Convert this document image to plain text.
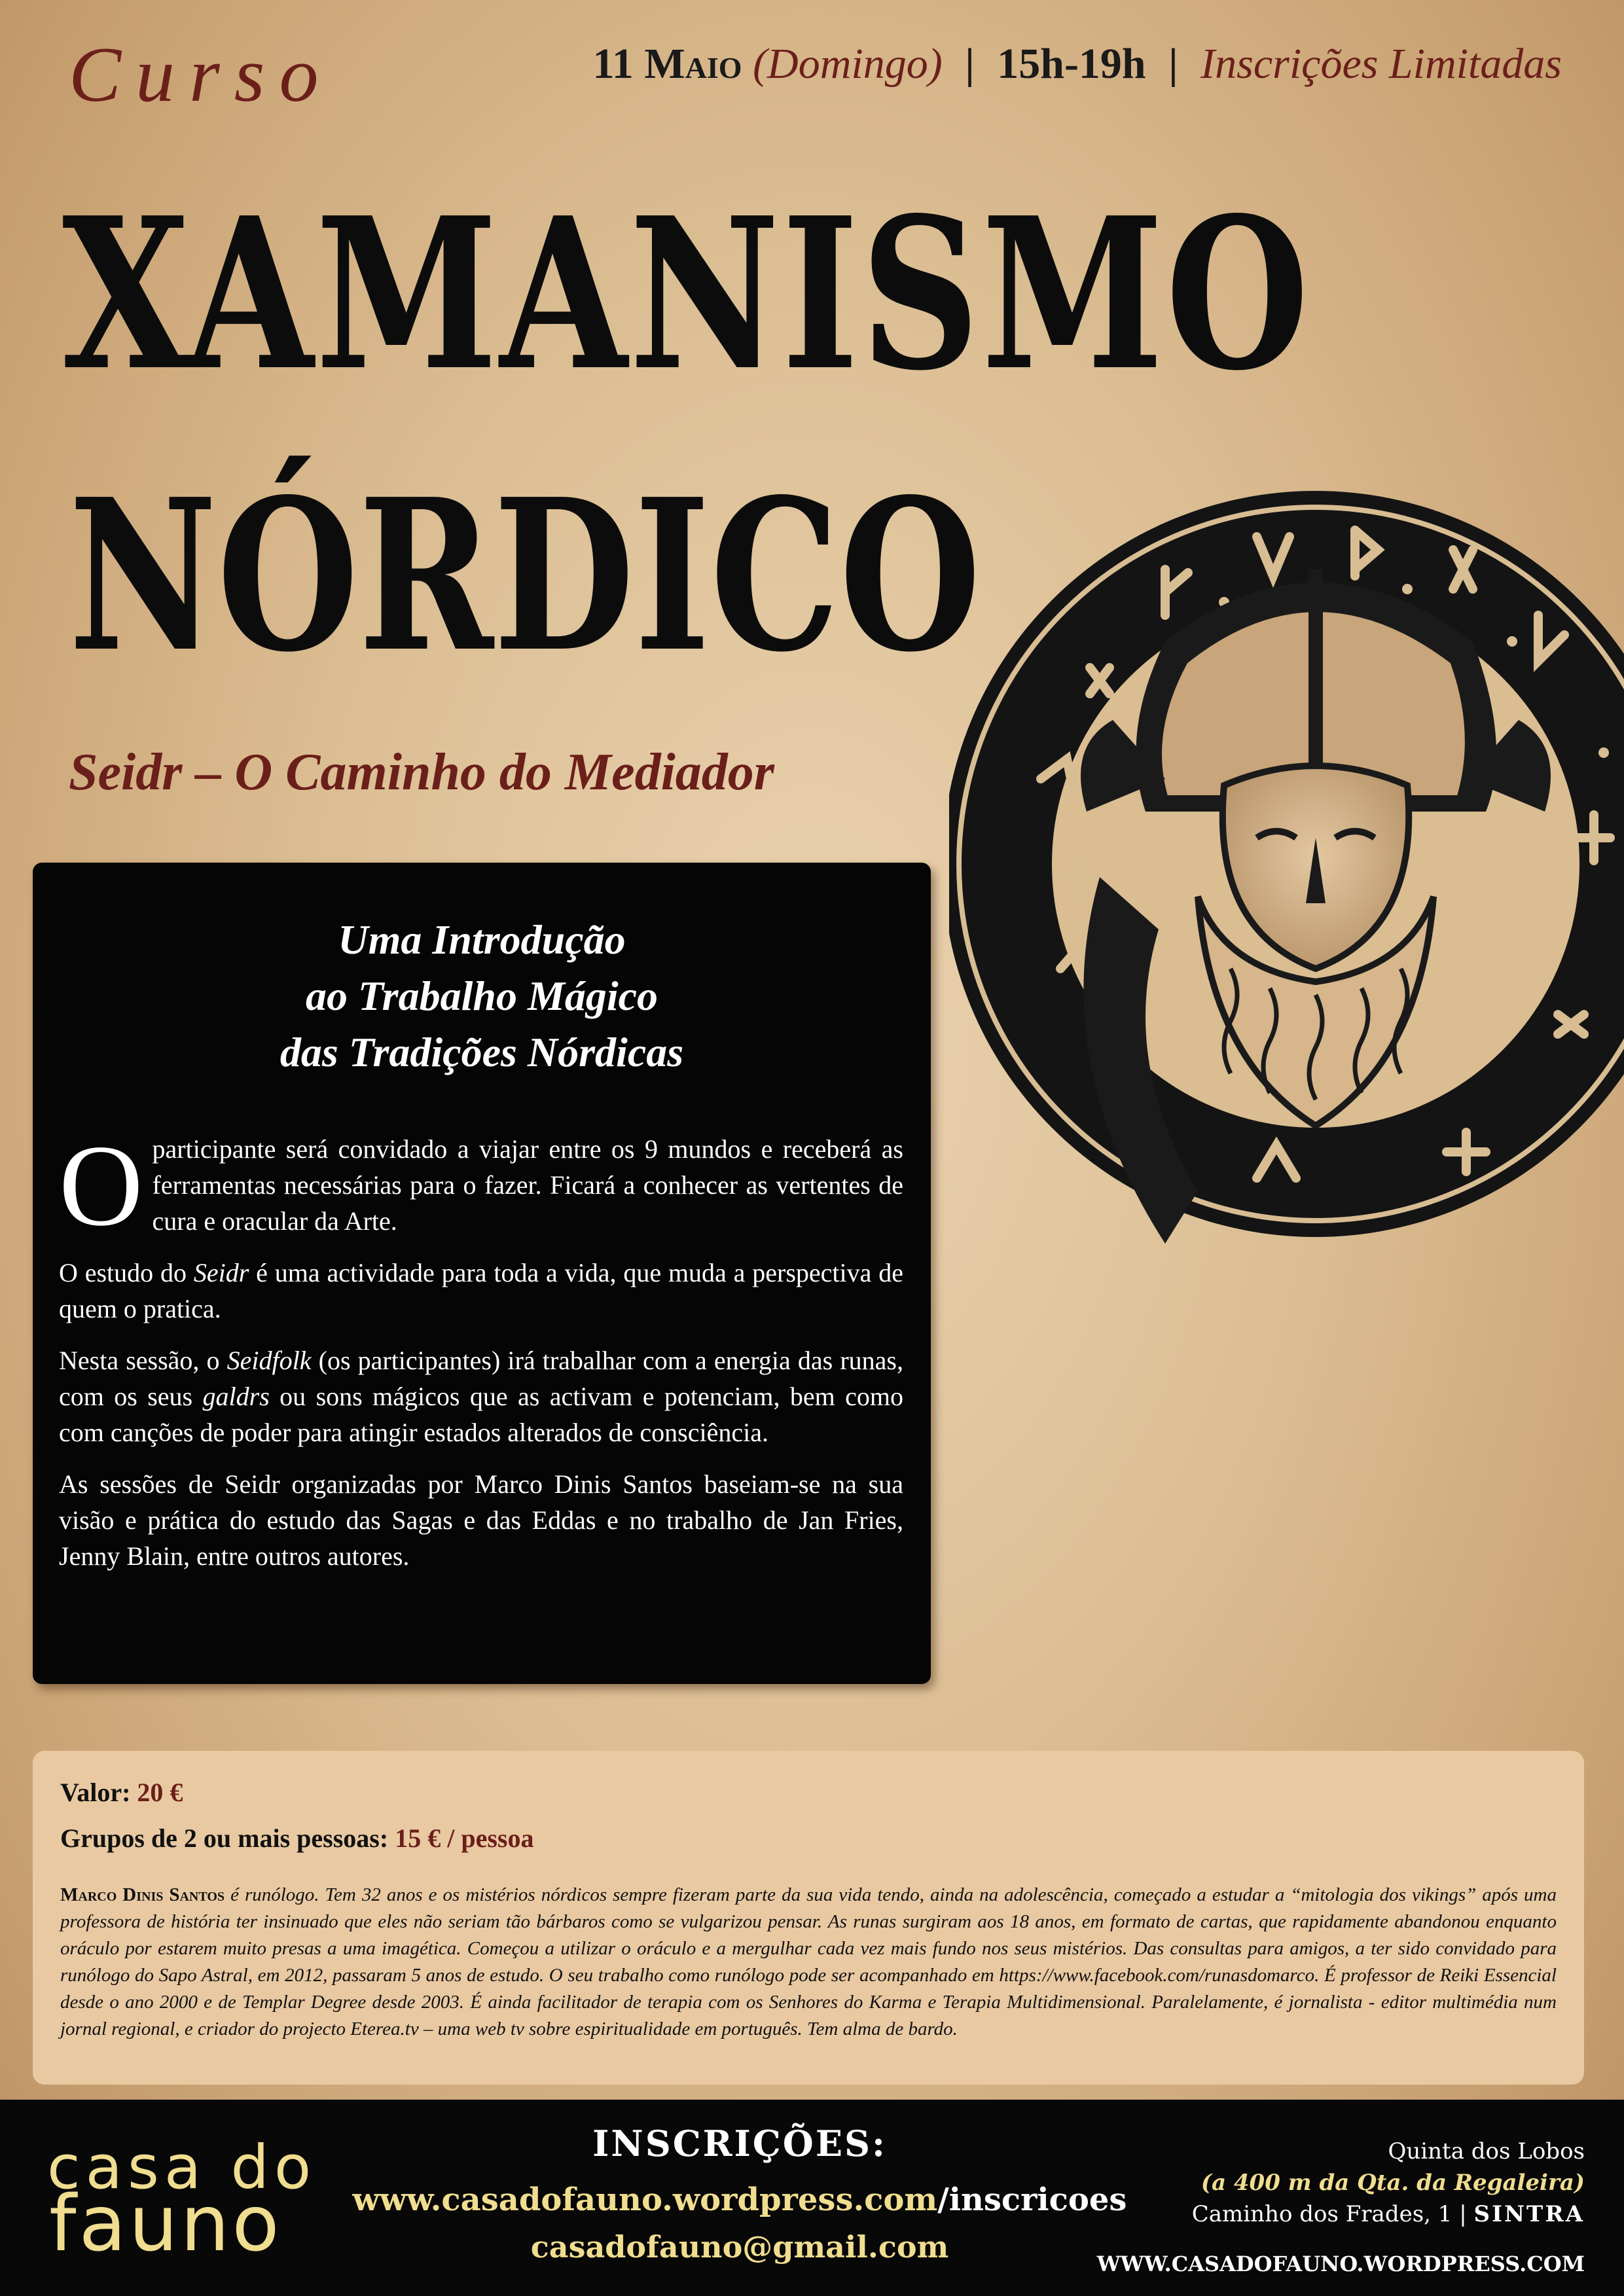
Curso	11 Maio (Domingo) | 15h-19h | Inscrições Limitadas
XAMANISMO
NÓRDICO
Seidr – O Caminho do Mediador
Uma Introdução
ao Trabalho Mágico
das Tradições Nórdicas

Oparticipante será convidado a viajar entre os 9 mundos e receberá as ferramentas necessárias para o fazer. Ficará a conhecer as vertentes de cura e oracular da Arte.

O estudo do Seidr é uma actividade para toda a vida, que muda a perspectiva de quem o pratica.

Nesta sessão, o Seidfolk (os participantes) irá trabalhar com a energia das runas, com os seus galdrs ou sons mágicos que as activam e potenciam, bem como com canções de poder para atingir estados alterados de consciência.

As sessões de Seidr organizadas por Marco Dinis Santos baseiam-se na sua visão e prática do estudo das Sagas e das Eddas e no trabalho de Jan Fries, Jenny Blain, entre outros autores.

Valor: 20 €
Grupos de 2 ou mais pessoas: 15 € / pessoa
Marco Dinis Santos é runólogo. Tem 32 anos e os mistérios nórdicos sempre fizeram parte da sua vida tendo, ainda na adolescência, começado a estudar a “mitologia dos vikings” após uma professora de história ter insinuado que eles não seriam tão bárbaros como se vulgarizou pensar. As runas surgiram aos 18 anos, em formato de cartas, que rapidamente abandonou enquanto oráculo por estarem muito presas a uma imagética. Começou a utilizar o oráculo e a mergulhar cada vez mais fundo nos seus mistérios. Das consultas para amigos, a ter sido convidado para runólogo do Sapo Astral, em 2012, passaram 5 anos de estudo. O seu trabalho como runólogo pode ser acompanhado em https://www.facebook.com/runasdomarco. É professor de Reiki Essencial desde o ano 2000 e de Templar Degree desde 2003. É ainda facilitador de terapia com os Senhores do Karma e Terapia Multidimensional. Paralelamente, é jornalista - editor multimédia num jornal regional, e criador do projecto Eterea.tv – uma web tv sobre espiritualidade em português. Tem alma de bardo.
casa do
fauno
INSCRIÇÕES:
www.casadofauno.wordpress.com/inscricoes
casadofauno@gmail.com
Quinta dos Lobos
(a 400 m da Qta. da Regaleira)
Caminho dos Frades, 1 | SINTRA
WWW.CASADOFAUNO.WORDPRESS.COM
